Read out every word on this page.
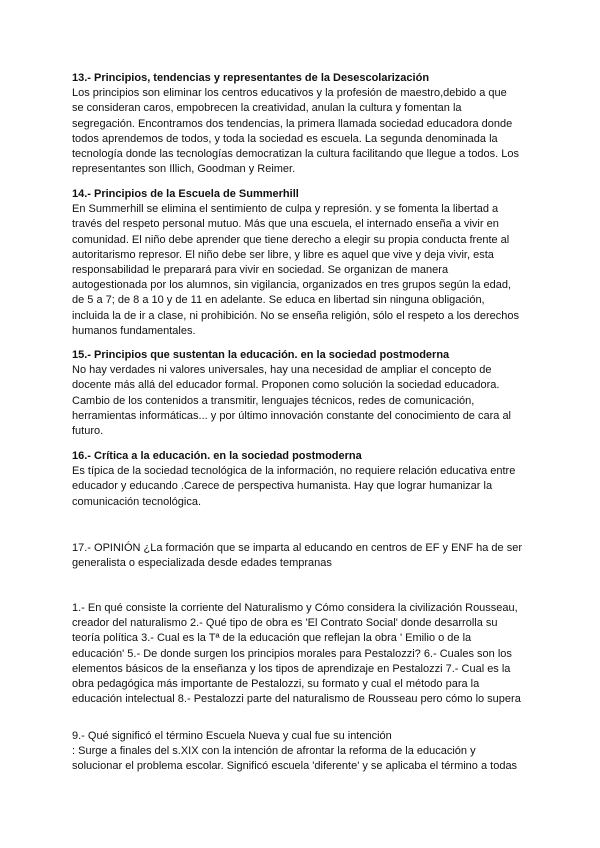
13.- Principios, tendencias y representantes de la Desescolarización

Los principios son eliminar los centros educativos y la profesión de maestro,debido a que

se consideran caros, empobrecen la creatividad, anulan la cultura y fomentan la

segregación. Encontramos dos tendencias, la primera llamada sociedad educadora donde

todos aprendemos de todos, y toda la sociedad es escuela. La segunda denominada la

tecnología donde las tecnologías democratizan la cultura facilitando que llegue a todos. Los

representantes son Illich, Goodman y Reimer.

14.- Principios de la Escuela de Summerhill

En Summerhill se elimina el sentimiento de culpa y represión. y se fomenta la libertad a

través del respeto personal mutuo. Más que una escuela, el internado enseña a vivir en

comunidad. El niño debe aprender que tiene derecho a elegir su propia conducta frente al

autoritarismo represor. El niño debe ser libre, y libre es aquel que vive y deja vivir, esta

responsabilidad le preparará para vivir en sociedad. Se organizan de manera

autogestionada por los alumnos, sin vigilancia, organizados en tres grupos según la edad,

de 5 a 7; de 8 a 10 y de 11 en adelante. Se educa en libertad sin ninguna obligación,

incluida la de ir a clase, ni prohibición. No se enseña religión, sólo el respeto a los derechos

humanos fundamentales.

15.- Principios que sustentan la educación. en la sociedad postmoderna

No hay verdades ni valores universales, hay una necesidad de ampliar el concepto de

docente más allá del educador formal. Proponen como solución la sociedad educadora.

Cambio de los contenidos a transmitir, lenguajes técnicos, redes de comunicación,

herramientas informáticas... y por último innovación constante del conocimiento de cara al

futuro.

16.- Crítica a la educación. en la sociedad postmoderna

Es típica de la sociedad tecnológica de la información, no requiere relación educativa entre

educador y educando .Carece de perspectiva humanista. Hay que lograr humanizar la

comunicación tecnológica.

17.- OPINIÓN ¿La formación que se imparta al educando en centros de EF y ENF ha de ser

generalista o especializada desde edades tempranas

1.- En qué consiste la corriente del Naturalismo y Cómo considera la civilización Rousseau,

creador del naturalismo 2.- Qué tipo de obra es 'El Contrato Social' donde desarrolla su

teoría política 3.- Cual es la Tª de la educación que reflejan la obra ' Emilio o de la

educación' 5.- De donde surgen los principios morales para Pestalozzi? 6.- Cuales son los

elementos básicos de la enseñanza y los tipos de aprendizaje en Pestalozzi 7.- Cual es la

obra pedagógica más importante de Pestalozzi, su formato y cual el método para la

educación intelectual 8.- Pestalozzi parte del naturalismo de Rousseau pero cómo lo supera

9.- Qué significó el término Escuela Nueva y cual fue su intención

: Surge a finales del s.XIX con la intención de afrontar la reforma de la educación y

solucionar el problema escolar. Significó escuela 'diferente' y se aplicaba el término a todas
